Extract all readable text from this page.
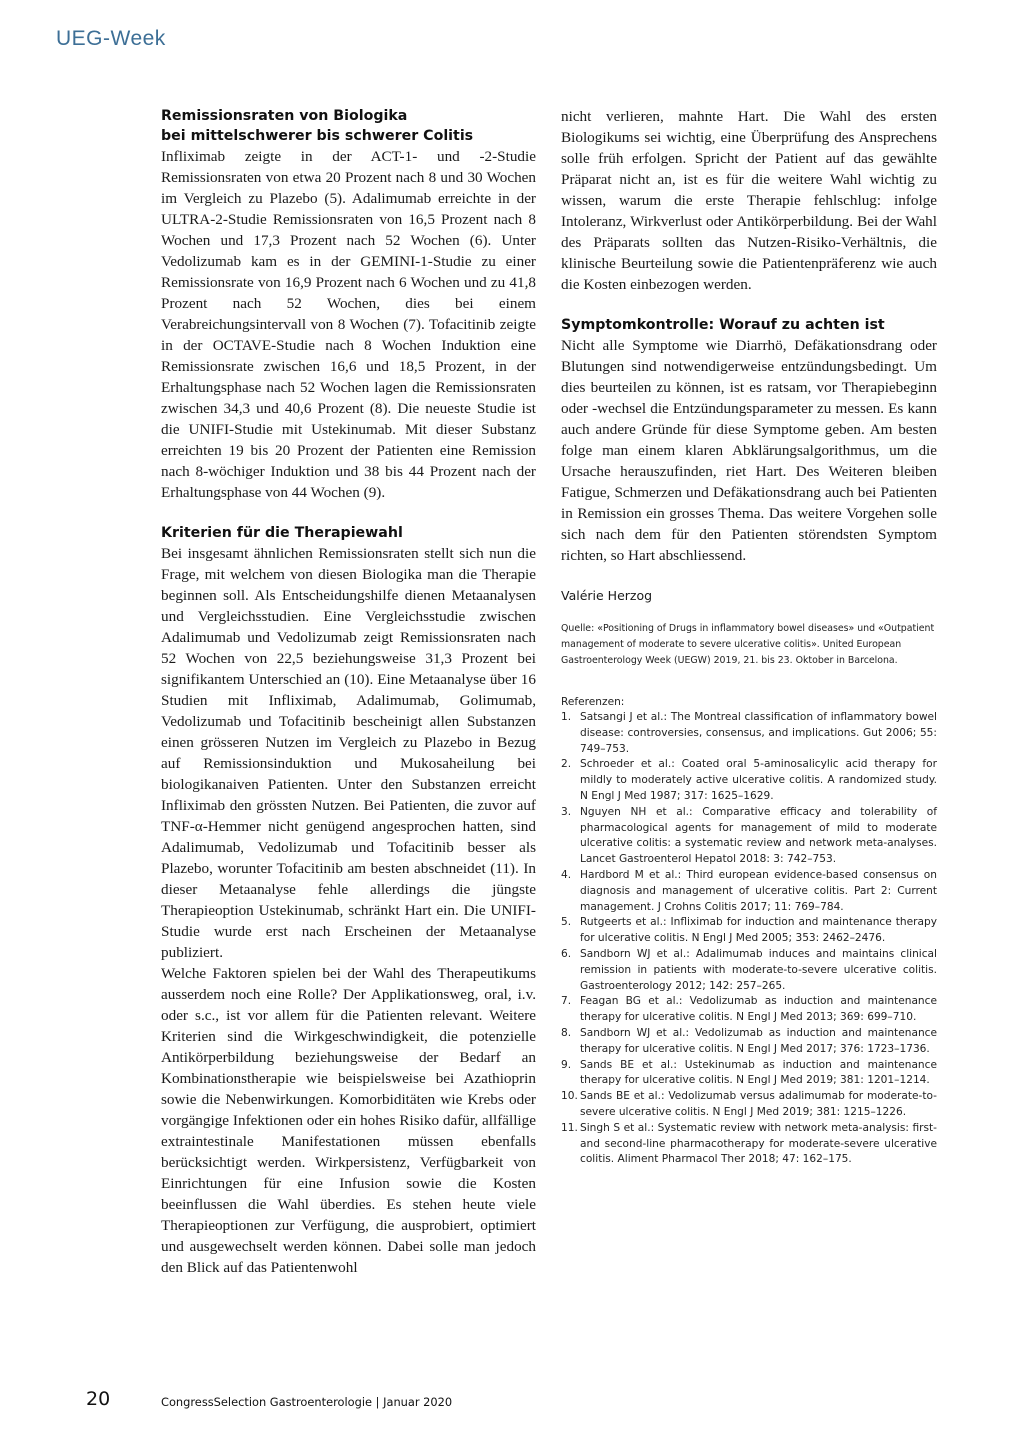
UEG-Week
Remissionsraten von Biologika
bei mittelschwerer bis schwerer Colitis

Infliximab zeigte in der ACT-1- und -2-Studie Remissionsraten von etwa 20 Prozent nach 8 und 30 Wochen im Vergleich zu Plazebo (5). Adalimumab erreichte in der ULTRA-2-Studie Remissionsraten von 16,5 Prozent nach 8 Wochen und 17,3 Prozent nach 52 Wochen (6). Unter Vedolizumab kam es in der GEMINI-1-Studie zu einer Remissionsrate von 16,9 Prozent nach 6 Wochen und zu 41,8 Prozent nach 52 Wochen, dies bei einem Verabreichungsintervall von 8 Wochen (7). Tofacitinib zeigte in der OCTAVE-Studie nach 8 Wochen Induktion eine Remissionsrate zwischen 16,6 und 18,5 Prozent, in der Erhaltungsphase nach 52 Wochen lagen die Remissionsraten zwischen 34,3 und 40,6 Prozent (8). Die neueste Studie ist die UNIFI-Studie mit Ustekinumab. Mit dieser Substanz erreichten 19 bis 20 Prozent der Patienten eine Remission nach 8-wöchiger Induktion und 38 bis 44 Prozent nach der Erhaltungsphase von 44 Wochen (9).

Kriterien für die Therapiewahl

Bei insgesamt ähnlichen Remissionsraten stellt sich nun die Frage, mit welchem von diesen Biologika man die Therapie beginnen soll. Als Entscheidungshilfe dienen Metaanalysen und Vergleichsstudien. Eine Vergleichsstudie zwischen Adalimumab und Vedolizumab zeigt Remissionsraten nach 52 Wochen von 22,5 beziehungsweise 31,3 Prozent bei signifikantem Unterschied an (10). Eine Metaanalyse über 16 Studien mit Infliximab, Adalimumab, Golimumab, Vedolizumab und Tofacitinib bescheinigt allen Substanzen einen grösseren Nutzen im Vergleich zu Plazebo in Bezug auf Remissionsinduktion und Mukosaheilung bei biologikanaiven Patienten. Unter den Substanzen erreicht Infliximab den grössten Nutzen. Bei Patienten, die zuvor auf TNF-α-Hemmer nicht genügend angesprochen hatten, sind Adalimumab, Vedolizumab und Tofacitinib besser als Plazebo, worunter Tofacitinib am besten abschneidet (11). In dieser Metaanalyse fehle allerdings die jüngste Therapieoption Ustekinumab, schränkt Hart ein. Die UNIFI-Studie wurde erst nach Erscheinen der Metaanalyse publiziert.

Welche Faktoren spielen bei der Wahl des Therapeutikums ausserdem noch eine Rolle? Der Applikationsweg, oral, i.v. oder s.c., ist vor allem für die Patienten relevant. Weitere Kriterien sind die Wirkgeschwindigkeit, die potenzielle Antikörperbildung beziehungsweise der Bedarf an Kombinationstherapie wie beispielsweise bei Azathioprin sowie die Nebenwirkungen. Komorbiditäten wie Krebs oder vorgängige Infektionen oder ein hohes Risiko dafür, allfällige extraintestinale Manifestationen müssen ebenfalls berücksichtigt werden. Wirkpersistenz, Verfügbarkeit von Einrichtungen für eine Infusion sowie die Kosten beeinflussen die Wahl überdies. Es stehen heute viele Therapieoptionen zur Verfügung, die ausprobiert, optimiert und ausgewechselt werden können. Dabei solle man jedoch den Blick auf das Patientenwohl

nicht verlieren, mahnte Hart. Die Wahl des ersten Biologikums sei wichtig, eine Überprüfung des Ansprechens solle früh erfolgen. Spricht der Patient auf das gewählte Präparat nicht an, ist es für die weitere Wahl wichtig zu wissen, warum die erste Therapie fehlschlug: infolge Intoleranz, Wirkverlust oder Antikörperbildung. Bei der Wahl des Präparats sollten das Nutzen-Risiko-Verhältnis, die klinische Beurteilung sowie die Patientenpräferenz wie auch die Kosten einbezogen werden.

Symptomkontrolle: Worauf zu achten ist

Nicht alle Symptome wie Diarrhö, Defäkationsdrang oder Blutungen sind notwendigerweise entzündungsbedingt. Um dies beurteilen zu können, ist es ratsam, vor Therapiebeginn oder -wechsel die Entzündungsparameter zu messen. Es kann auch andere Gründe für diese Symptome geben. Am besten folge man einem klaren Abklärungsalgorithmus, um die Ursache herauszufinden, riet Hart. Des Weiteren bleiben Fatigue, Schmerzen und Defäkationsdrang auch bei Patienten in Remission ein grosses Thema. Das weitere Vorgehen solle sich nach dem für den Patienten störendsten Symptom richten, so Hart abschliessend.

Valérie Herzog

Quelle: «Positioning of Drugs in inflammatory bowel diseases» und «Outpatient management of moderate to severe ulcerative colitis». United European Gastroenterology Week (UEGW) 2019, 21. bis 23. Oktober in Barcelona.

Referenzen:
1. Satsangi J et al.: The Montreal classification of inflammatory bowel disease: controversies, consensus, and implications. Gut 2006; 55: 749–753.
2. Schroeder et al.: Coated oral 5-aminosalicylic acid therapy for mildly to moderately active ulcerative colitis. A randomized study. N Engl J Med 1987; 317: 1625–1629.
3. Nguyen NH et al.: Comparative efficacy and tolerability of pharmacological agents for management of mild to moderate ulcerative colitis: a systematic review and network meta-analyses. Lancet Gastroenterol Hepatol 2018: 3: 742–753.
4. Hardbord M et al.: Third european evidence-based consensus on diagnosis and management of ulcerative colitis. Part 2: Current management. J Crohns Colitis 2017; 11: 769–784.
5. Rutgeerts et al.: Infliximab for induction and maintenance therapy for ulcerative colitis. N Engl J Med 2005; 353: 2462–2476.
6. Sandborn WJ et al.: Adalimumab induces and maintains clinical remission in patients with moderate-to-severe ulcerative colitis. Gastroenterology 2012; 142: 257–265.
7. Feagan BG et al.: Vedolizumab as induction and maintenance therapy for ulcerative colitis. N Engl J Med 2013; 369: 699–710.
8. Sandborn WJ et al.: Vedolizumab as induction and maintenance therapy for ulcerative colitis. N Engl J Med 2017; 376: 1723–1736.
9. Sands BE et al.: Ustekinumab as induction and maintenance therapy for ulcerative colitis. N Engl J Med 2019; 381: 1201–1214.
10. Sands BE et al.: Vedolizumab versus adalimumab for moderate-to-severe ulcerative colitis. N Engl J Med 2019; 381: 1215–1226.
11. Singh S et al.: Systematic review with network meta-analysis: first- and second-line pharmacotherapy for moderate-severe ulcerative colitis. Aliment Pharmacol Ther 2018; 47: 162–175.
20	CongressSelection Gastroenterologie | Januar 2020
